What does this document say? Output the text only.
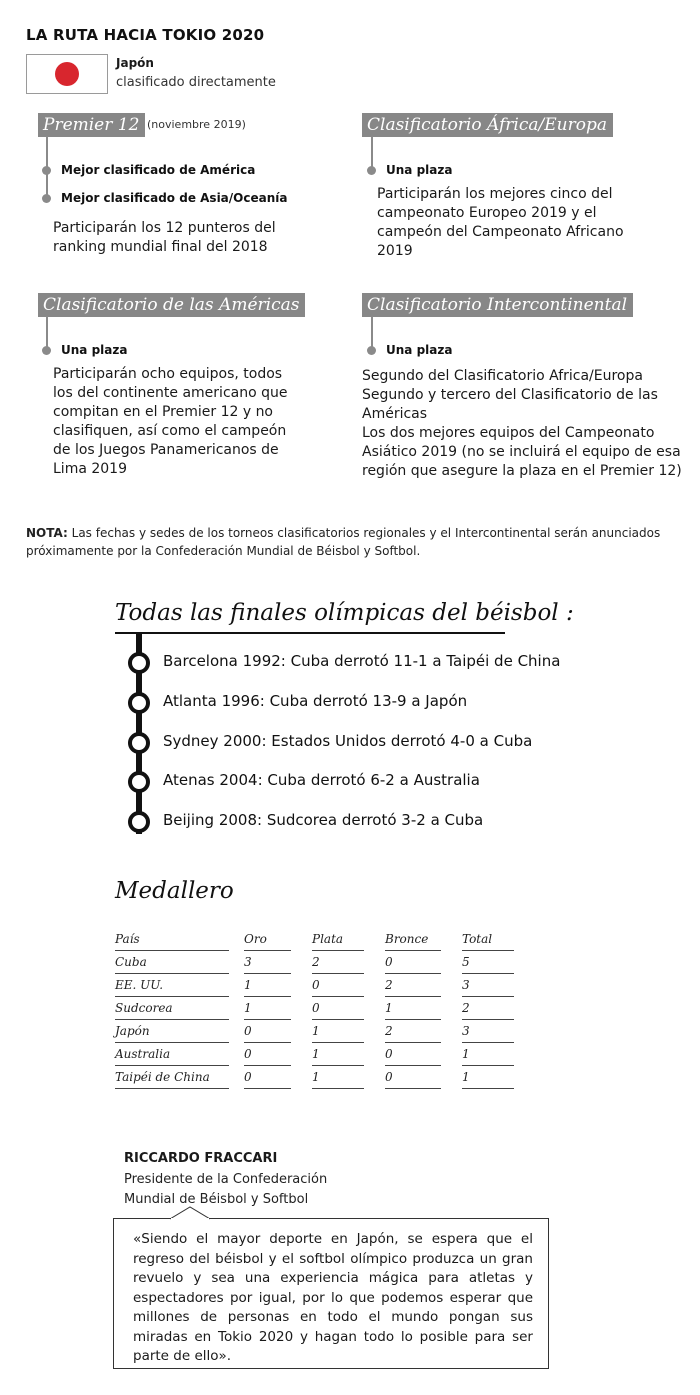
LA RUTA HACIA TOKIO 2020
Japón
clasificado directamente
Premier 12 (noviembre 2019)
Mejor clasificado de América
Mejor clasificado de Asia/Oceanía
Participarán los 12 punteros del
ranking mundial final del 2018
Clasificatorio África/Europa
Una plaza
Participarán los mejores cinco del
campeonato Europeo 2019 y el
campeón del Campeonato Africano
2019
Clasificatorio de las Américas
Una plaza
Participarán ocho equipos, todos
los del continente americano que
compitan en el Premier 12 y no
clasifiquen, así como el campeón
de los Juegos Panamericanos de
Lima 2019
Clasificatorio Intercontinental
Una plaza
Segundo del Clasificatorio Africa/Europa
Segundo y tercero del Clasificatorio de las
Américas
Los dos mejores equipos del Campeonato
Asiático 2019 (no se incluirá el equipo de esa
región que asegure la plaza en el Premier 12)
NOTA: Las fechas y sedes de los torneos clasificatorios regionales y el Intercontinental serán anunciados próximamente por la Confederación Mundial de Béisbol y Softbol.
Todas las finales olímpicas del béisbol :
Barcelona 1992: Cuba derrotó 11-1 a Taipéi de China
Atlanta 1996: Cuba derrotó 13-9 a Japón
Sydney 2000: Estados Unidos derrotó 4-0 a Cuba
Atenas 2004: Cuba derrotó 6-2 a Australia
Beijing 2008: Sudcorea derrotó 3-2 a Cuba
Medallero
País	Oro	Plata	Bronce	Total
Cuba	3	2	0	5
EE. UU.	1	0	2	3
Sudcorea	1	0	1	2
Japón	0	1	2	3
Australia	0	1	0	1
Taipéi de China	0	1	0	1
RICCARDO FRACCARI
Presidente de la Confederación
Mundial de Béisbol y Softbol
«Siendo el mayor deporte en Japón, se espera que el regreso del béisbol y el softbol olímpico produzca un gran revuelo y sea una experiencia mágica para atletas y espectadores por igual, por lo que podemos esperar que millones de personas en todo el mundo pongan sus miradas en Tokio 2020 y hagan todo lo posible para ser parte de ello».
